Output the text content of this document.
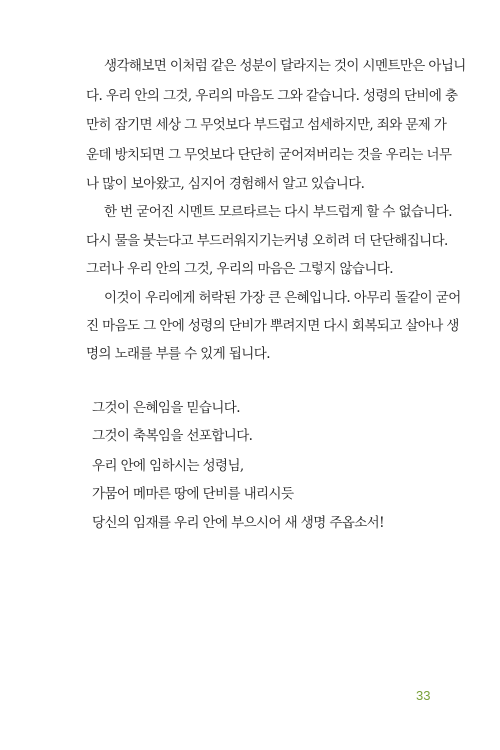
생각해보면 이처럼 같은 성분이 달라지는 것이 시멘트만은 아닙니
다. 우리 안의 그것, 우리의 마음도 그와 같습니다. 성령의 단비에 충
만히 잠기면 세상 그 무엇보다 부드럽고 섬세하지만, 죄와 문제 가
운데 방치되면 그 무엇보다 단단히 굳어져버리는 것을 우리는 너무
나 많이 보아왔고, 심지어 경험해서 알고 있습니다.
한 번 굳어진 시멘트 모르타르는 다시 부드럽게 할 수 없습니다.
다시 물을 붓는다고 부드러워지기는커녕 오히려 더 단단해집니다.
그러나 우리 안의 그것, 우리의 마음은 그렇지 않습니다.
이것이 우리에게 허락된 가장 큰 은혜입니다. 아무리 돌같이 굳어
진 마음도 그 안에 성령의 단비가 뿌려지면 다시 회복되고 살아나 생
명의 노래를 부를 수 있게 됩니다.
그것이 은혜임을 믿습니다.
그것이 축복임을 선포합니다.
우리 안에 임하시는 성령님,
가뭄어 메마른 땅에 단비를 내리시듯
당신의 임재를 우리 안에 부으시어 새 생명 주옵소서!
33
